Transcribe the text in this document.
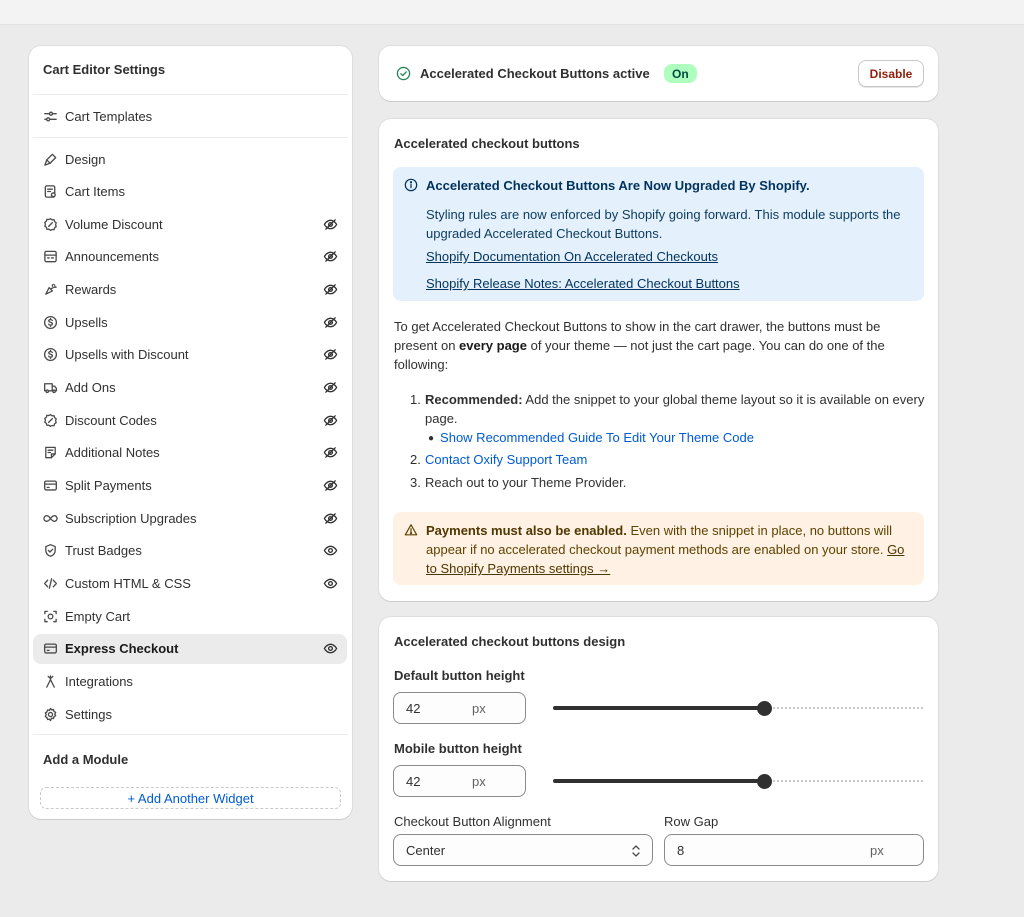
Cart Editor Settings
Cart Templates
Design
Cart Items
Volume Discount
Announcements
Rewards
Upsells
Upsells with Discount
Add Ons
Discount Codes
Additional Notes
Split Payments
Subscription Upgrades
Trust Badges
Custom HTML & CSS
Empty Cart
Express Checkout
Integrations
Settings
Add a Module
+ Add Another Widget
Accelerated Checkout Buttons active	On	Disable
Accelerated checkout buttons
Accelerated Checkout Buttons Are Now Upgraded By Shopify.
Styling rules are now enforced by Shopify going forward. This module supports the upgraded Accelerated Checkout Buttons.
Shopify Documentation On Accelerated Checkouts
Shopify Release Notes: Accelerated Checkout Buttons
To get Accelerated Checkout Buttons to show in the cart drawer, the buttons must be present on every page of your theme — not just the cart page. You can do one of the following:
1. Recommended: Add the snippet to your global theme layout so it is available on every page.
● Show Recommended Guide To Edit Your Theme Code
2. Contact Oxify Support Team
3. Reach out to your Theme Provider.
Payments must also be enabled. Even with the snippet in place, no buttons will appear if no accelerated checkout payment methods are enabled on your store. Go to Shopify Payments settings →
Accelerated checkout buttons design
Default button height
42	px
Mobile button height
42	px
Checkout Button Alignment
Center
Row Gap
8	px
